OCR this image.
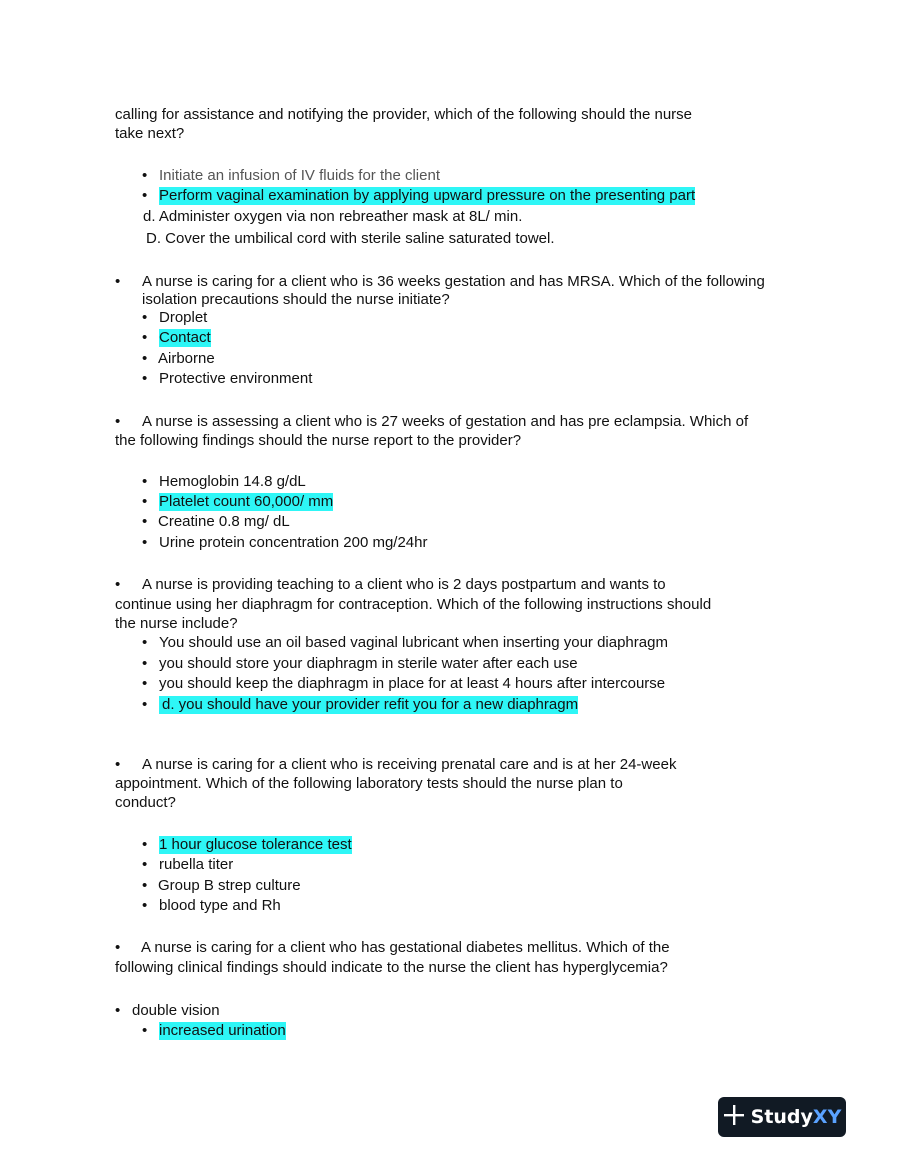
calling for assistance and notifying the provider, which of the following should the nurse
take next?
• Initiate an infusion of IV fluids for the client
• Perform vaginal examination by applying upward pressure on the presenting part
d. Administer oxygen via non rebreather mask at 8L/ min.
D. Cover the umbilical cord with sterile saline saturated towel.
• A nurse is caring for a client who is 36 weeks gestation and has MRSA. Which of the following
isolation precautions should the nurse initiate?
• Droplet
• Contact
• Airborne
• Protective environment
• A nurse is assessing a client who is 27 weeks of gestation and has pre eclampsia. Which of
the following findings should the nurse report to the provider?
• Hemoglobin 14.8 g/dL
• Platelet count 60,000/ mm
• Creatine 0.8 mg/ dL
• Urine protein concentration 200 mg/24hr
• A nurse is providing teaching to a client who is 2 days postpartum and wants to
continue using her diaphragm for contraception. Which of the following instructions should
the nurse include?
• You should use an oil based vaginal lubricant when inserting your diaphragm
• you should store your diaphragm in sterile water after each use
• you should keep the diaphragm in place for at least 4 hours after intercourse
• d. you should have your provider refit you for a new diaphragm
• A nurse is caring for a client who is receiving prenatal care and is at her 24-week
appointment. Which of the following laboratory tests should the nurse plan to
conduct?
• 1 hour glucose tolerance test
• rubella titer
• Group B strep culture
• blood type and Rh
• A nurse is caring for a client who has gestational diabetes mellitus. Which of the
following clinical findings should indicate to the nurse the client has hyperglycemia?
• double vision
• increased urination
StudyXY
